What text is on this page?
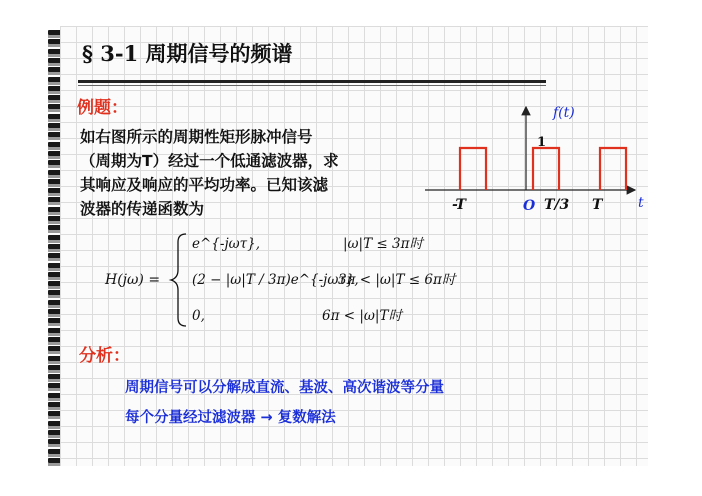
§ 3-1 周期信号的频谱
例题：
如右图所示的周期性矩形脉冲信号
（周期为T）经过一个低通滤波器，求
其响应及响应的平均功率。已知该滤
波器的传递函数为
f(t)
1
-T	O T/3 T	t
H(jω) =
e^{-jωτ},	|ω|T ≤ 3π时
(2 − |ω|T / 3π)e^{-jωτ},
3π < |ω|T ≤ 6π时
0,	6π < |ω|T时
分析：
周期信号可以分解成直流、基波、高次谐波等分量
每个分量经过滤波器 → 复数解法
